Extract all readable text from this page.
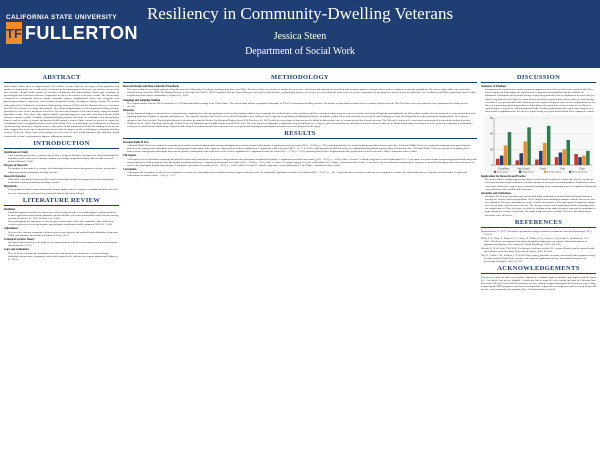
CALIFORNIA STATE UNIVERSITY
TF FULLERTON
Resiliency in Community-Dwelling Veterans
Jessica Steen
Department of Social Work
ABSTRACT
In the United States, there are approximately 18.2 million veterans. With the increasing veteran population and number of deployments, the overall needs of veterans are becoming greater. Therefore, the need for services that treat veterans' mental health matters is essential. Identifying and understanding factors that contribute to psychological and behavioral resilience is imperative in order to treat and to work with veterans. The current study examined the relationship between family emotional support, neighborhood safety and religiosity with psychological distress, depression, severe mental and physical health, and drug use among veterans. The present study utilized the Collaborative Psychiatric Epidemiology Surveys (CPES) and The National Survey of American Life (NSAL) to create a secondary data analysis. The selected subpopulation of 634 community-dwelling veterans, participated in face-to-face and phone interviews. The inferential statistics of the current study employed multiple significant results. First, those with reported family emotional support is associated with better mental health outcomes among veterans. Secondly, neighborhood drug problem and crime are associated with psychological distress, and the quality of mental and physical health among veterans. Future research is needed to explore the relationship between neighborhood safety and mental health. Next, no relationship was found between religiosity (as measured by attending a religious service), depression, mental and physical health. The findings of the present study suggest that social and environmental factors have an impact on the well-being of community-dwelling veterans. Thus, the efforts from social workers need to focus on their health indicators that clinicians should examine the veteran's environment to improve adjustment outcomes.
INTRODUCTION
Significance of Study
• After returning from service, veterans may develop a variety of disorders and experience many transitional life difficulties, such as the loss of structure, purpose, or a change in patriarchal unity, and a decline in overall health (O'Donnell, 2000).
Purpose of Research
• The purpose of this study is to examine the relationship between factors that promote resilience and positive adjustment among community-dwelling veterans.
Research Question
• What is the relationship between positive social relationships and the development of mental and physical health issues among community-dwelling veterans?
Hypothesis
• It is hypothesized that veterans with positive family support, who are religious or spiritual and those who live in a safe environment, will report less emotional distress than those without.
LITERATURE REVIEW
Resiliency
• Emotional support is found to be a protective factor among veterans. Less social support is highly predictive of more significant mental health symptoms, suicidal ideation, and reduced functional health outcomes among veterans (Pietrzak et al., 2010; Pietrzak et al., 2009).
• Research supports the importance of veterans processing trauma with a safe, supportive other, which may extend to prevent or decreasing negative psychological and physical health symptoms (Tall et al., 2014).
Adjustment
• Veterans who endorsed symptoms of distress report worse physical and medical health difficulties, depression, PTSD, and substance use disorders (Pietrzak & Cook, 2013).
Ecological Systems Theory
• Ecological systems theory is the study of how humans interact with their environments and social institutions (Bronfenbrenner, 1977).
Gaps and Limitations
• There is a lack of knowledge and practice processes that assess the environment of veterans through individual, interpersonal, community, and societal system levels, and how they impact adjustment (Elnitsky et al., 2013).
METHODOLOGY
Research Design and Data Collection Procedures
• The current study is a secondary analysis of the data from the Collaborative Psychiatric Epidemiology Surveys (CPES). The survey allows researchers to analyze the prevalence, risk factors and impairments associated with treatment patterns of mental illness with an emphasis on minority populations. The current study utilizes one of the three national surveys from the CPES: The National Survey of American Life (NSAL). NSAL explored racial and ethnic differences in mental health disorders, psychological distress, and service use from within the framework of a variety of potential risk and protective factors in African Americans, Afro-Caribbean and White respondents located within neighboring United States communities (Alegria et al., 2016).
Sampling and Sampling Method
• The original sample from the NSAL consisted of 6,199 adult individuals residing in the United States. The current study utilizes a population subsample of NSAL of community-dwelling veterans. The sample of participants included in the secondary analysis from the NSAL are those who report that they have participated in military service (n=615).
Measures
• Family Emotional Support is measured on a four-point scale, inquiring how often the participant feels loved by family members, how frequently their family listens to their problems, and how often their family expresses concern for their well-being. Religiosity and Spirituality are both ordinal variables that are measured on a four-point Likert scale inquiring about how religious or spiritual participants are. The response categories have been reverse coded so that higher score indicates more religiosity or spirituality. Neighborhood safety is an ordinal variable which was measured on a five-point scale inquiring on crime and drug problems in the participant's neighborhood. The responses categories have been recoded. Psychological distress is measured by using the Kessler Psychological Distress Scale (K-6; Kessler et al., 2002), which is a screening tool that assesses the ability to differentiate cases of serious mental illness from non-cases. The K6 scale is shown to be a successful screening tool for mood and anxiety disorders (Furukawa et al., 2003). This study utilized the 20-item Center for Epidemiological Studies-Depression (CES-D) scale. The scale reports on symptoms of depression such as hopelessness, feelings of guilt and worthlessness, and depressed mood within the past week. Mental health rating is measured on a five-point scale inquiring on participant's self-report of overall mental health rating. Physical health rating is an ordinal variable that is measured on a five-point scale inquiring on participant's self-report of overall physical health rating.
RESULTS
Kruskal-Wallis H Test
• A Kruskal Wallis H test was conducted comparing mean family emotional support ranks among participants from various mental health groups. A significant result was found (H(4) = 16.903, p < .002), indicating that the five mental health groups differed from each other. A Kruskal-Wallis H test was conducted comparing mean psychological distress scores among study participants from veterans groups of participant's who experience drug problem in their neighborhood. A significant result was found (H(3) = 18.75, p=0.001), indicating that the different levels of neighborhood drug problem groups differed from each other. A Kruskal-Wallis H test was conducted comparing mean distress scores among study participants from various groups of participant's who experience crime in their neighborhood. A significant result was found (H(3) = 17.78, p < 0.01), indicating that the three neighborhood crime groups differed from each other. Table 3 summarizes these results.
Chi-Square
• A chi-square test was calculated comparing the physical health rating with various categories of drug problem in the participants neighborhood groups. A significant association was found (χ2(2) = 16.23, p = 0.001), while a Cramer's V statistic suggested a weak relationship (0.11). A chi-square test was calculated comparing mental health rating with various categories of drug problem in the participants neighborhood groups. A significant association was found (χ2(2) = 23.69, p = 0.02), while a Cramer's V statistic suggested a weak relationship (0.11). Figure 1 summarizes these results. A chi-square test was calculated comparing the categories of mental health rating with various categories of crime in the participants neighborhood groups. A significant association was found (χ2(12) = 39.07, p = 0.001), while a Cramer's V statistic suggested a weak relationship (0.114). Figure 2 summarizes these results.
Correlation
• A Spearman rho correlation coefficient was computed to examine the relationship between family emotional support and depression. No statistically significant correlation was found (r(606) = -0.057, p = .16). A Spearman rho correlation coefficient was computed to examine the relationship between religiosity and depression. A significant relationship was found (r(484) = -0.09, p < .27).
DISCUSSION
Summary of Findings
• Participants who reported more family emotional support are more likely to have better mental health. There was no significant relationship was found between religiosity and spirituality with the variables for adjustment. Participants who reported having a serious drug problem in their neighborhood are more likely to report being distressed, less likely to report having very physical good health, and less likely to report having excellent or very good mental health. Participants who reported having no crime in their neighborhood are less likely to report being psychological distress. Participants who report more frequent crime are less likely to report being in very good or excellent physical health. Similarly, participants who report crime happens very often in their neighborhood are less likely to report having very good mental health when compared to others.
0
20
40
60
Excellent	Very Good	Good	Fair	Poor
Very serious	Fairly serious	Not very serious	Not at all serious
Implications for Research and Practice
• The current study's finding suggests that future research should continue to examine the effects of social and environmental factors that contribute to healthy adjustment among the veteran population. Furthermore, future researchers should aim to gain a more profound knowledge of the relationship between neighborhood drug and crime problems with overall health in veterans.
Strengths and Limitations
• Strengths: NSAL is the most thorough and detailed study conducted on mental health and mental disorders amongst the African American population. NSAL utilized mass matching techniques with the interviewer and the respondent. Therefore, attempting to create a similar environment for the participants. Limitations: Sample used for this study was not veteran specific. The current research used a significantly smaller subsample from the original data set. Thus, the degree to which the findings of this study accurately represent the population be study intended to examine is uncertain. The study design was cross-sectional. Therefore, this study cannot determine cause and effect.
REFERENCES
Bronfenbrenner, U. (1977). Toward an experimental ecology of human development. American Psychologist, 32(7), 513-531.
Elliott, T. R., Hsiao, Y., Kimbrel, N. A., Meyer, E., DeBeer, B. B., Gulliver, S. B., Kwok, O., & Morissette, S. B. (2017). Resilience and traumatic brain injury among Iraq/Afghanistan war veterans: Differential patterns of adjustment and quality of life. Journal of Clinical Psychology, 73(9), 1160-1178.
Pietrzak, R. H., & Cook, J. M. (2013). Psychological resilience in older U.S. veterans: Results from the national health and resilience in veterans study. Depression & Anxiety, 30(5), 432-443.
Tait, R., Carlson, J. M., & Harris, J. I. (2014). Prayer coping, disclosure of trauma, and mental health symptoms among recently deployed United States veterans of the Iraq and Afghanistan conflicts. International Journal for the Psychology of Religion, 24(2), 111-123.
ACKNOWLEDGEMENTS
This project would not have been possible without the invaluable guild of guidance and support from Dr. Karen Lee - for which I am forever thankful. I would also like to thank all of the faculty and staff of California State University Fullerton's Social Work Department for their continued support throughout these past two years. Lastly, completing the MSW program would have been impossible without the encouragement and love of my family and friends - most importantly my grandma, Jane. A heartfelt thanks to you all.
